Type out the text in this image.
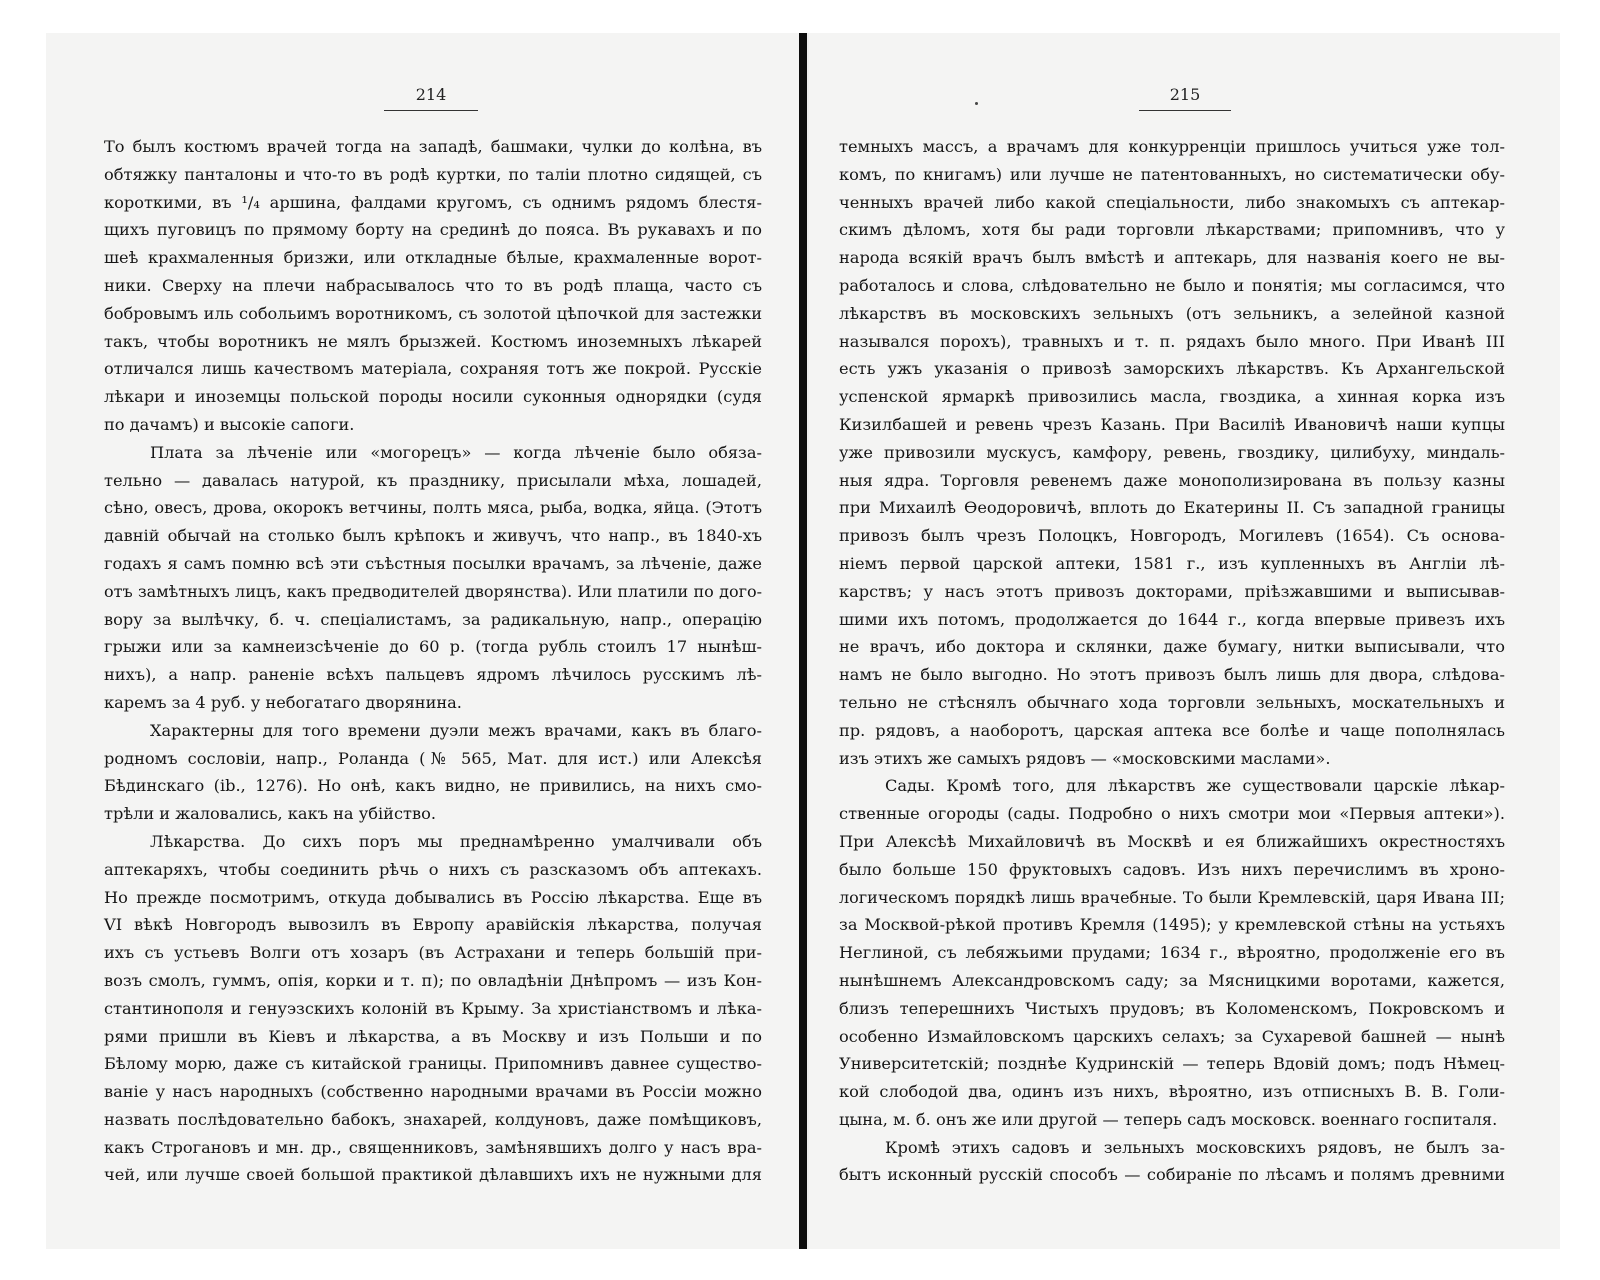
214
То былъ костюмъ врачей тогда на западѣ, башмаки, чулки до колѣна, въ
обтяжку панталоны и что-то въ родѣ куртки, по таліи плотно сидящей, съ
короткими, въ ¹/₄ аршина, фалдами кругомъ, съ однимъ рядомъ блестя-
щихъ пуговицъ по прямому борту на срединѣ до пояса. Въ рукавахъ и по
шеѣ крахмаленныя бризжи, или откладные бѣлые, крахмаленные ворот-
ники. Сверху на плечи набрасывалось что то въ родѣ плаща, часто съ
бобровымъ иль собольимъ воротникомъ, съ золотой цѣпочкой для застежки
такъ, чтобы воротникъ не мялъ брызжей. Костюмъ иноземныхъ лѣкарей
отличался лишь качествомъ матеріала, сохраняя тотъ же покрой. Русскіе
лѣкари и иноземцы польской породы носили суконныя однорядки (судя
по дачамъ) и высокіе сапоги.
Плата за лѣченіе или «могорецъ» — когда лѣченіе было обяза-
тельно — давалась натурой, къ празднику, присылали мѣха, лошадей,
сѣно, овесъ, дрова, окорокъ ветчины, полть мяса, рыба, водка, яйца. (Этотъ
давній обычай на столько былъ крѣпокъ и живучъ, что напр., въ 1840-хъ
годахъ я самъ помню всѣ эти съѣстныя посылки врачамъ, за лѣченіе, даже
отъ замѣтныхъ лицъ, какъ предводителей дворянства). Или платили по дого-
вору за вылѣчку, б. ч. спеціалистамъ, за радикальную, напр., операцію
грыжи или за камнеизсѣченіе до 60 р. (тогда рубль стоилъ 17 нынѣш-
нихъ), а напр. раненіе всѣхъ пальцевъ ядромъ лѣчилось русскимъ лѣ-
каремъ за 4 руб. у небогатаго дворянина.
Характерны для того времени дуэли межъ врачами, какъ въ благо-
родномъ сословіи, напр., Роланда (№ 565, Мат. для ист.) или Алексѣя
Бѣдинскаго (ib., 1276). Но онѣ, какъ видно, не привились, на нихъ смо-
трѣли и жаловались, какъ на убійство.
Лѣкарства. До сихъ поръ мы преднамѣренно умалчивали объ
аптекаряхъ, чтобы соединить рѣчь о нихъ съ разсказомъ объ аптекахъ.
Но прежде посмотримъ, откуда добывались въ Россію лѣкарства. Еще въ
VI вѣкѣ Новгородъ вывозилъ въ Европу аравійскія лѣкарства, получая
ихъ съ устьевъ Волги отъ хозаръ (въ Астрахани и теперь большій при-
возъ смолъ, гуммъ, опія, корки и т. п); по овладѣніи Днѣпромъ — изъ Кон-
стантинополя и генуэзскихъ колоній въ Крыму. За христіанствомъ и лѣка-
рями пришли въ Кіевъ и лѣкарства, а въ Москву и изъ Польши и по
Бѣлому морю, даже съ китайской границы. Припомнивъ давнее существо-
ваніе у насъ народныхъ (собственно народными врачами въ Россіи можно
назвать послѣдовательно бабокъ, знахарей, колдуновъ, даже помѣщиковъ,
какъ Строгановъ и мн. др., священниковъ, замѣнявшихъ долго у насъ вра-
чей, или лучше своей большой практикой дѣлавшихъ ихъ не нужными для
215
темныхъ массъ, а врачамъ для конкурренціи пришлось учиться уже тол-
комъ, по книгамъ) или лучше не патентованныхъ, но систематически обу-
ченныхъ врачей либо какой спеціальности, либо знакомыхъ съ аптекар-
скимъ дѣломъ, хотя бы ради торговли лѣкарствами; припомнивъ, что у
народа всякій врачъ былъ вмѣстѣ и аптекарь, для названія коего не вы-
работалось и слова, слѣдовательно не было и понятія; мы согласимся, что
лѣкарствъ въ московскихъ зельныхъ (отъ зельникъ, а зелейной казной
назывался порохъ), травныхъ и т. п. рядахъ было много. При Иванѣ III
есть ужъ указанія о привозѣ заморскихъ лѣкарствъ. Къ Архангельской
успенской ярмаркѣ привозились масла, гвоздика, а хинная корка изъ
Кизилбашей и ревень чрезъ Казань. При Василіѣ Ивановичѣ наши купцы
уже привозили мускусъ, камфору, ревень, гвоздику, цилибуху, миндаль-
ныя ядра. Торговля ревенемъ даже монополизирована въ пользу казны
при Михаилѣ Ѳеодоровичѣ, вплоть до Екатерины II. Съ западной границы
привозъ былъ чрезъ Полоцкъ, Новгородъ, Могилевъ (1654). Съ основа-
ніемъ первой царской аптеки, 1581 г., изъ купленныхъ въ Англіи лѣ-
карствъ; у насъ этотъ привозъ докторами, пріѣзжавшими и выписывав-
шими ихъ потомъ, продолжается до 1644 г., когда впервые привезъ ихъ
не врачъ, ибо доктора и склянки, даже бумагу, нитки выписывали, что
намъ не было выгодно. Но этотъ привозъ былъ лишь для двора, слѣдова-
тельно не стѣснялъ обычнаго хода торговли зельныхъ, москательныхъ и
пр. рядовъ, а наоборотъ, царская аптека все болѣе и чаще пополнялась
изъ этихъ же самыхъ рядовъ — «московскими маслами».
Сады. Кромѣ того, для лѣкарствъ же существовали царскіе лѣкар-
ственные огороды (сады. Подробно о нихъ смотри мои «Первыя аптеки»).
При Алексѣѣ Михайловичѣ въ Москвѣ и ея ближайшихъ окрестностяхъ
было больше 150 фруктовыхъ садовъ. Изъ нихъ перечислимъ въ хроно-
логическомъ порядкѣ лишь врачебные. То были Кремлевскій, царя Ивана III;
за Москвой-рѣкой противъ Кремля (1495); у кремлевской стѣны на устьяхъ
Неглиной, съ лебяжьими прудами; 1634 г., вѣроятно, продолженіе его въ
нынѣшнемъ Александровскомъ саду; за Мясницкими воротами, кажется,
близъ теперешнихъ Чистыхъ прудовъ; въ Коломенскомъ, Покровскомъ и
особенно Измайловскомъ царскихъ селахъ; за Сухаревой башней — нынѣ
Университетскій; позднѣе Кудринскій — теперь Вдовій домъ; подъ Нѣмец-
кой слободой два, одинъ изъ нихъ, вѣроятно, изъ отписныхъ В. В. Голи-
цына, м. б. онъ же или другой — теперь садъ московск. военнаго госпиталя.
Кромѣ этихъ садовъ и зельныхъ московскихъ рядовъ, не былъ за-
бытъ исконный русскій способъ — собираніе по лѣсамъ и полямъ древними
